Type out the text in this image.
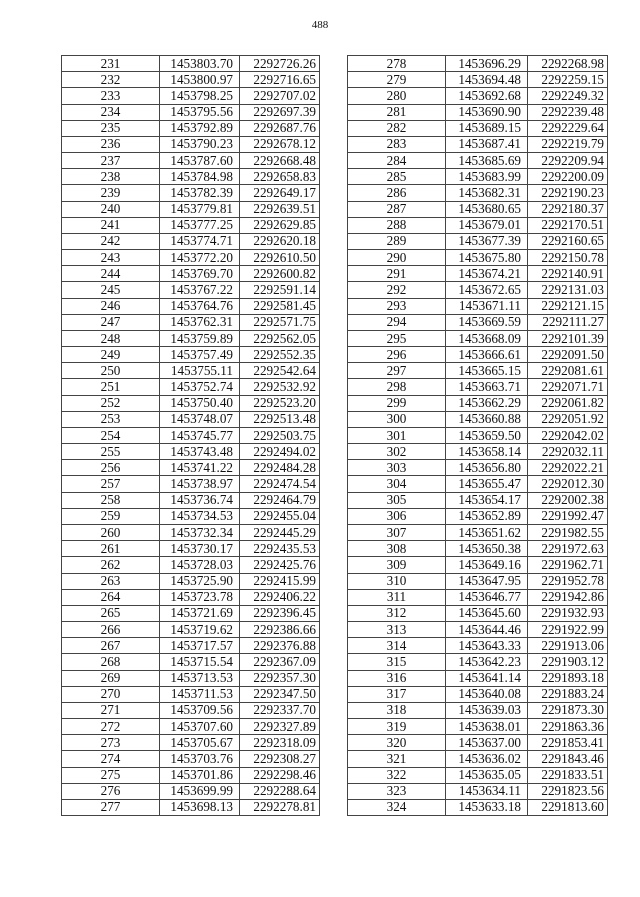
488
231	1453803.70	2292726.26
232	1453800.97	2292716.65
233	1453798.25	2292707.02
234	1453795.56	2292697.39
235	1453792.89	2292687.76
236	1453790.23	2292678.12
237	1453787.60	2292668.48
238	1453784.98	2292658.83
239	1453782.39	2292649.17
240	1453779.81	2292639.51
241	1453777.25	2292629.85
242	1453774.71	2292620.18
243	1453772.20	2292610.50
244	1453769.70	2292600.82
245	1453767.22	2292591.14
246	1453764.76	2292581.45
247	1453762.31	2292571.75
248	1453759.89	2292562.05
249	1453757.49	2292552.35
250	1453755.11	2292542.64
251	1453752.74	2292532.92
252	1453750.40	2292523.20
253	1453748.07	2292513.48
254	1453745.77	2292503.75
255	1453743.48	2292494.02
256	1453741.22	2292484.28
257	1453738.97	2292474.54
258	1453736.74	2292464.79
259	1453734.53	2292455.04
260	1453732.34	2292445.29
261	1453730.17	2292435.53
262	1453728.03	2292425.76
263	1453725.90	2292415.99
264	1453723.78	2292406.22
265	1453721.69	2292396.45
266	1453719.62	2292386.66
267	1453717.57	2292376.88
268	1453715.54	2292367.09
269	1453713.53	2292357.30
270	1453711.53	2292347.50
271	1453709.56	2292337.70
272	1453707.60	2292327.89
273	1453705.67	2292318.09
274	1453703.76	2292308.27
275	1453701.86	2292298.46
276	1453699.99	2292288.64
277	1453698.13	2292278.81
278	1453696.29	2292268.98
279	1453694.48	2292259.15
280	1453692.68	2292249.32
281	1453690.90	2292239.48
282	1453689.15	2292229.64
283	1453687.41	2292219.79
284	1453685.69	2292209.94
285	1453683.99	2292200.09
286	1453682.31	2292190.23
287	1453680.65	2292180.37
288	1453679.01	2292170.51
289	1453677.39	2292160.65
290	1453675.80	2292150.78
291	1453674.21	2292140.91
292	1453672.65	2292131.03
293	1453671.11	2292121.15
294	1453669.59	2292111.27
295	1453668.09	2292101.39
296	1453666.61	2292091.50
297	1453665.15	2292081.61
298	1453663.71	2292071.71
299	1453662.29	2292061.82
300	1453660.88	2292051.92
301	1453659.50	2292042.02
302	1453658.14	2292032.11
303	1453656.80	2292022.21
304	1453655.47	2292012.30
305	1453654.17	2292002.38
306	1453652.89	2291992.47
307	1453651.62	2291982.55
308	1453650.38	2291972.63
309	1453649.16	2291962.71
310	1453647.95	2291952.78
311	1453646.77	2291942.86
312	1453645.60	2291932.93
313	1453644.46	2291922.99
314	1453643.33	2291913.06
315	1453642.23	2291903.12
316	1453641.14	2291893.18
317	1453640.08	2291883.24
318	1453639.03	2291873.30
319	1453638.01	2291863.36
320	1453637.00	2291853.41
321	1453636.02	2291843.46
322	1453635.05	2291833.51
323	1453634.11	2291823.56
324	1453633.18	2291813.60
